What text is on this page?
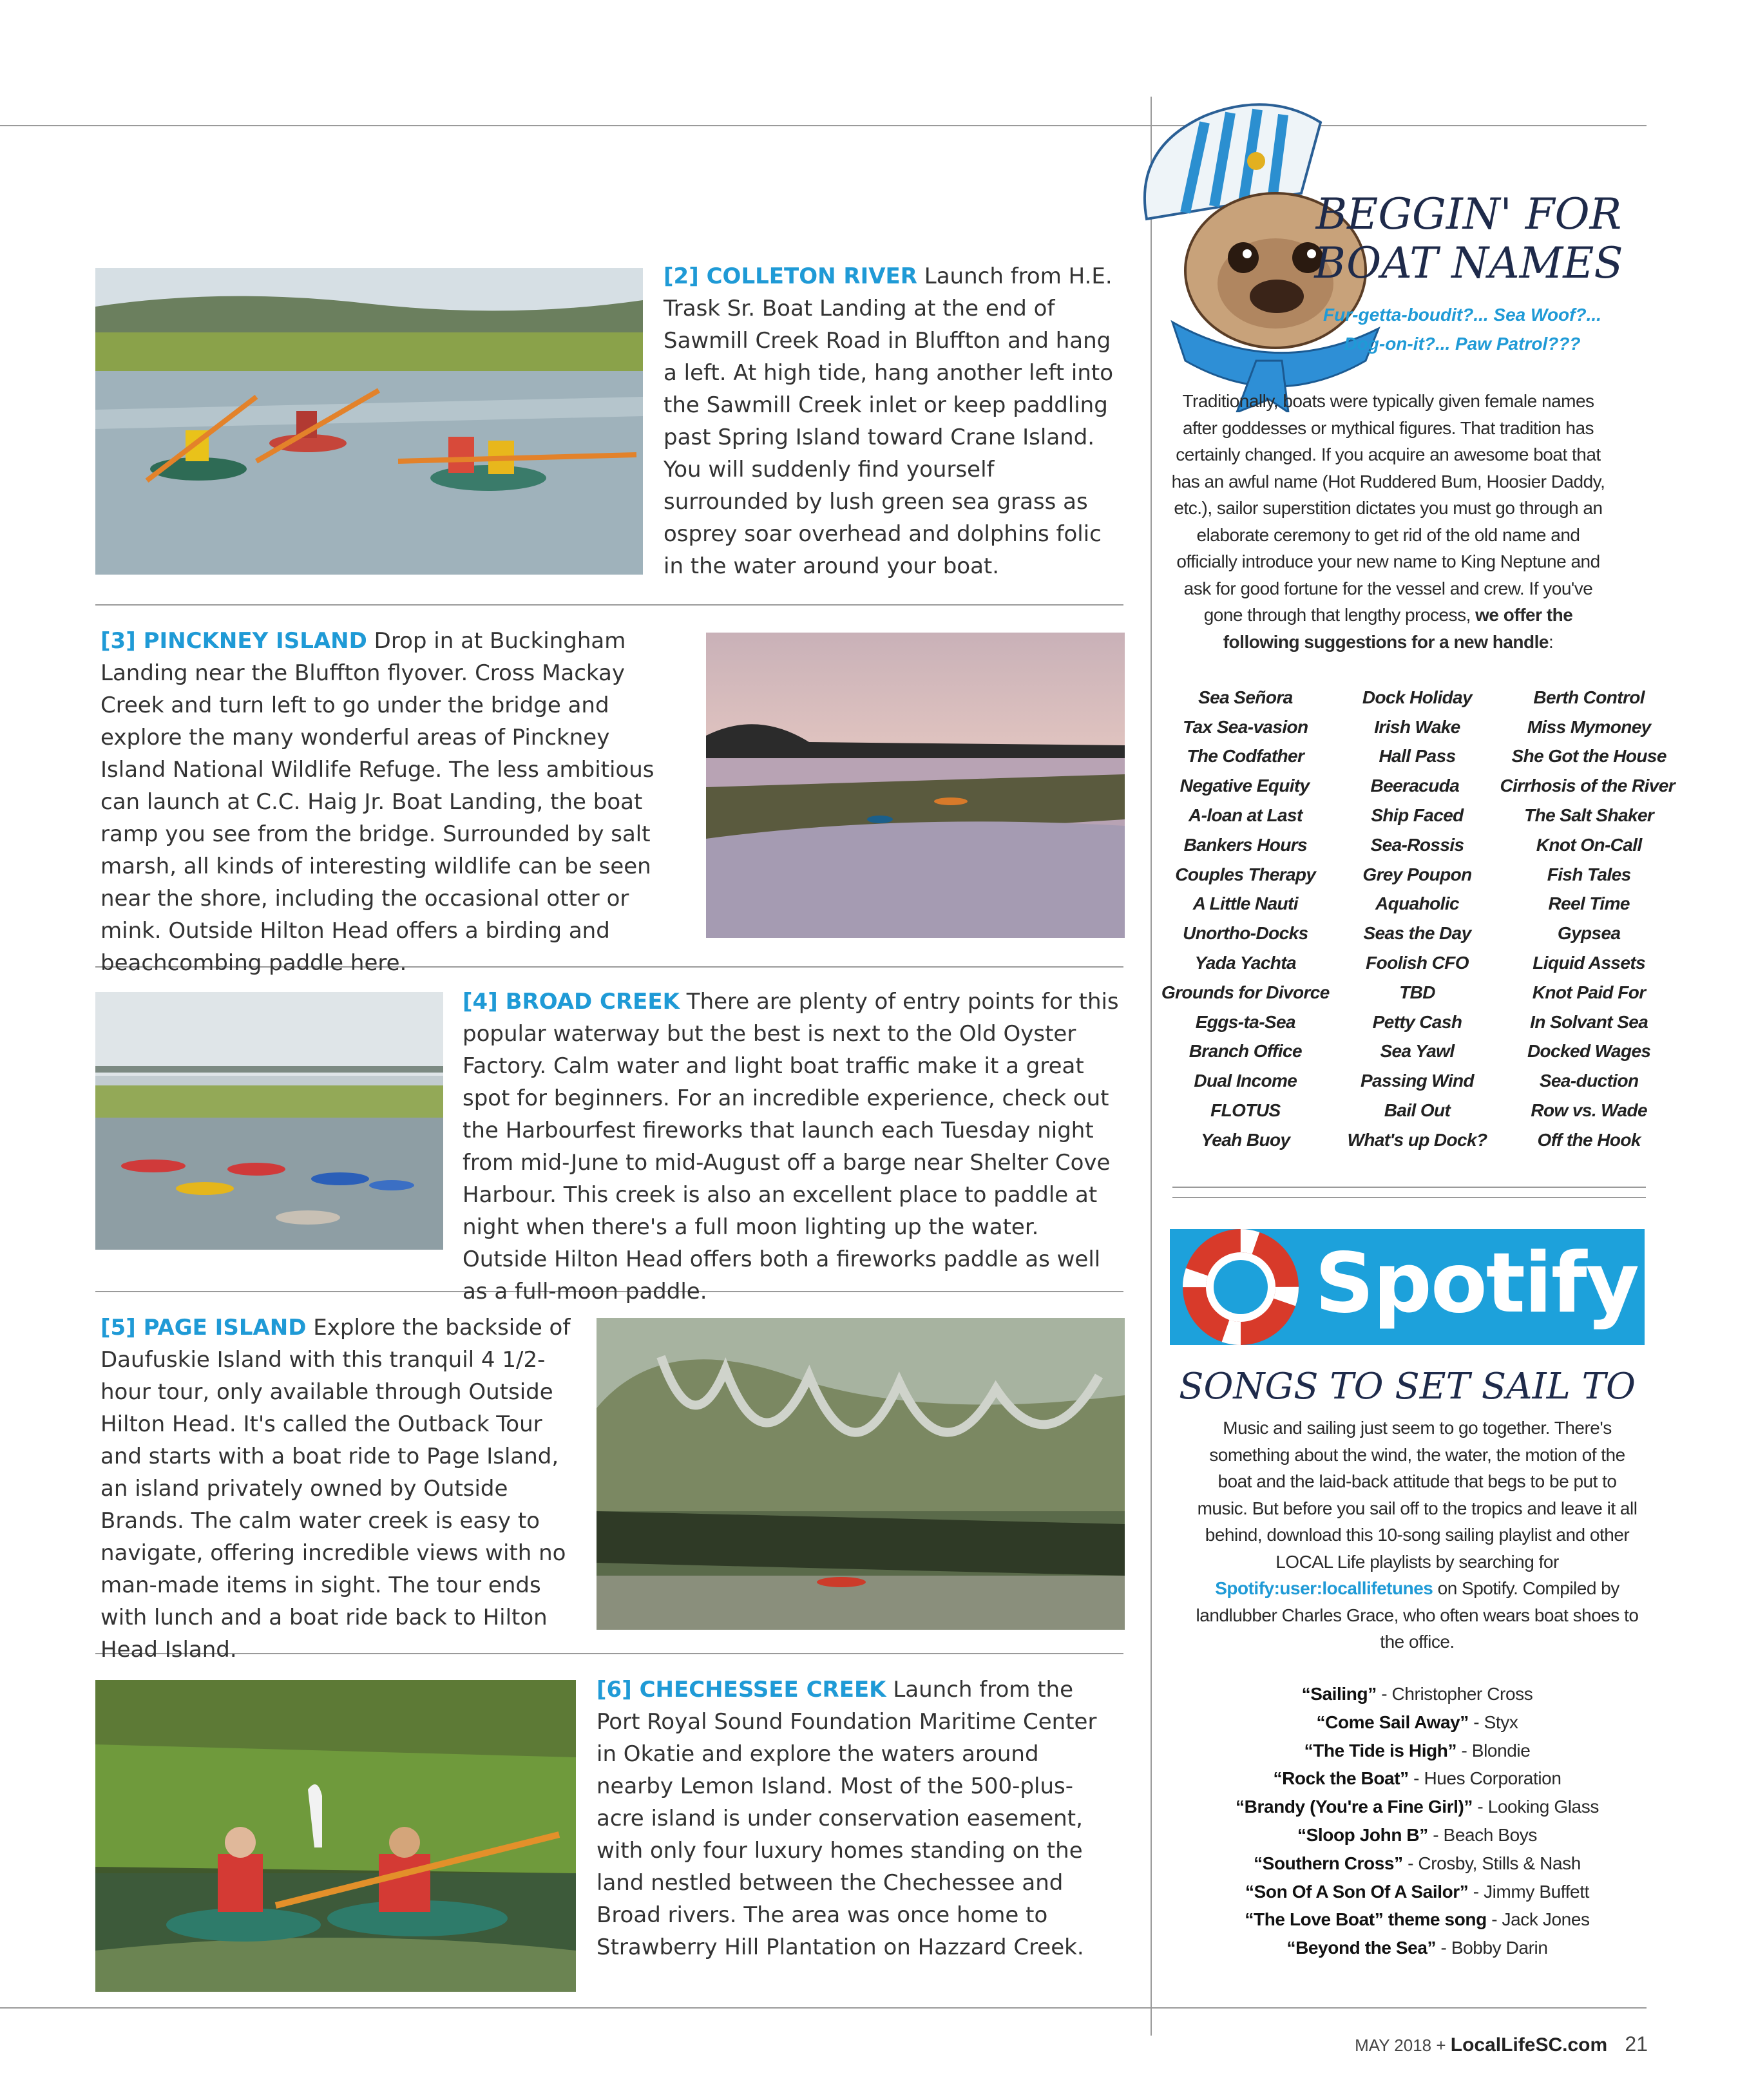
[2] COLLETON RIVER Launch from H.E. Trask Sr. Boat Landing at the end of Sawmill Creek Road in Bluffton and hang a left. At high tide, hang another left into the Sawmill Creek inlet or keep paddling past Spring Island toward Crane Island. You will suddenly find yourself surrounded by lush green sea grass as osprey soar overhead and dolphins folic in the water around your boat.
[3] PINCKNEY ISLAND Drop in at Buckingham Landing near the Bluffton flyover. Cross Mackay Creek and turn left to go under the bridge and explore the many wonderful areas of Pinckney Island National Wildlife Refuge. The less ambitious can launch at C.C. Haig Jr. Boat Landing, the boat ramp you see from the bridge. Surrounded by salt marsh, all kinds of interesting wildlife can be seen near the shore, including the occasional otter or mink. Outside Hilton Head offers a birding and beachcombing paddle here.
[4] BROAD CREEK There are plenty of entry points for this popular waterway but the best is next to the Old Oyster Factory. Calm water and light boat traffic make it a great spot for beginners. For an incredible experience, check out the Harbourfest fireworks that launch each Tuesday night from mid-June to mid-August off a barge near Shelter Cove Harbour. This creek is also an excellent place to paddle at night when there's a full moon lighting up the water. Outside Hilton Head offers both a fireworks paddle as well as a full-moon paddle.
[5] PAGE ISLAND Explore the backside of Daufuskie Island with this tranquil 4 1/2-hour tour, only available through Outside Hilton Head. It's called the Outback Tour and starts with a boat ride to Page Island, an island privately owned by Outside Brands. The calm water creek is easy to navigate, offering incredible views with no man-made items in sight. The tour ends with lunch and a boat ride back to Hilton Head Island.
[6] CHECHESSEE CREEK Launch from the Port Royal Sound Foundation Maritime Center in Okatie and explore the waters around nearby Lemon Island. Most of the 500-plus-acre island is under conservation easement, with only four luxury homes standing on the land nestled between the Chechessee and Broad rivers. The area was once home to Strawberry Hill Plantation on Hazzard Creek.
BEGGIN' FOR
BOAT NAMES
Fur-getta-boudit?... Sea Woof?...
Dog-on-it?... Paw Patrol???
Traditionally, boats were typically given female names after goddesses or mythical figures. That tradition has certainly changed. If you acquire an awesome boat that has an awful name (Hot Ruddered Bum, Hoosier Daddy, etc.), sailor superstition dictates you must go through an elaborate ceremony to get rid of the old name and officially introduce your new name to King Neptune and ask for good fortune for the vessel and crew. If you've gone through that lengthy process, we offer the following suggestions for a new handle:
Sea Señora	Dock Holiday	Berth Control
Tax Sea-vasion	Irish Wake	Miss Mymoney
The Codfather	Hall Pass	She Got the House
Negative Equity	Beeracuda	Cirrhosis of the River
A-loan at Last	Ship Faced	The Salt Shaker
Bankers Hours	Sea-Rossis	Knot On-Call
Couples Therapy	Grey Poupon	Fish Tales
A Little Nauti	Aquaholic	Reel Time
Unortho-Docks	Seas the Day	Gypsea
Yada Yachta	Foolish CFO	Liquid Assets
Grounds for Divorce	TBD	Knot Paid For
Eggs-ta-Sea	Petty Cash	In Solvant Sea
Branch Office	Sea Yawl	Docked Wages
Dual Income	Passing Wind	Sea-duction
FLOTUS	Bail Out	Row vs. Wade
Yeah Buoy	What's up Dock?	Off the Hook
Spotify
SONGS TO SET SAIL TO
Music and sailing just seem to go together. There's something about the wind, the water, the motion of the boat and the laid-back attitude that begs to be put to music. But before you sail off to the tropics and leave it all behind, download this 10-song sailing playlist and other LOCAL Life playlists by searching for Spotify:user:locallifetunes on Spotify. Compiled by landlubber Charles Grace, who often wears boat shoes to the office.
“Sailing” - Christopher Cross
“Come Sail Away” - Styx
“The Tide is High” - Blondie
“Rock the Boat” - Hues Corporation
“Brandy (You're a Fine Girl)” - Looking Glass
“Sloop John B” - Beach Boys
“Southern Cross” - Crosby, Stills & Nash
“Son Of A Son Of A Sailor” - Jimmy Buffett
“The Love Boat” theme song - Jack Jones
“Beyond the Sea” - Bobby Darin
MAY 2018 + LocalLifeSC.com 21
